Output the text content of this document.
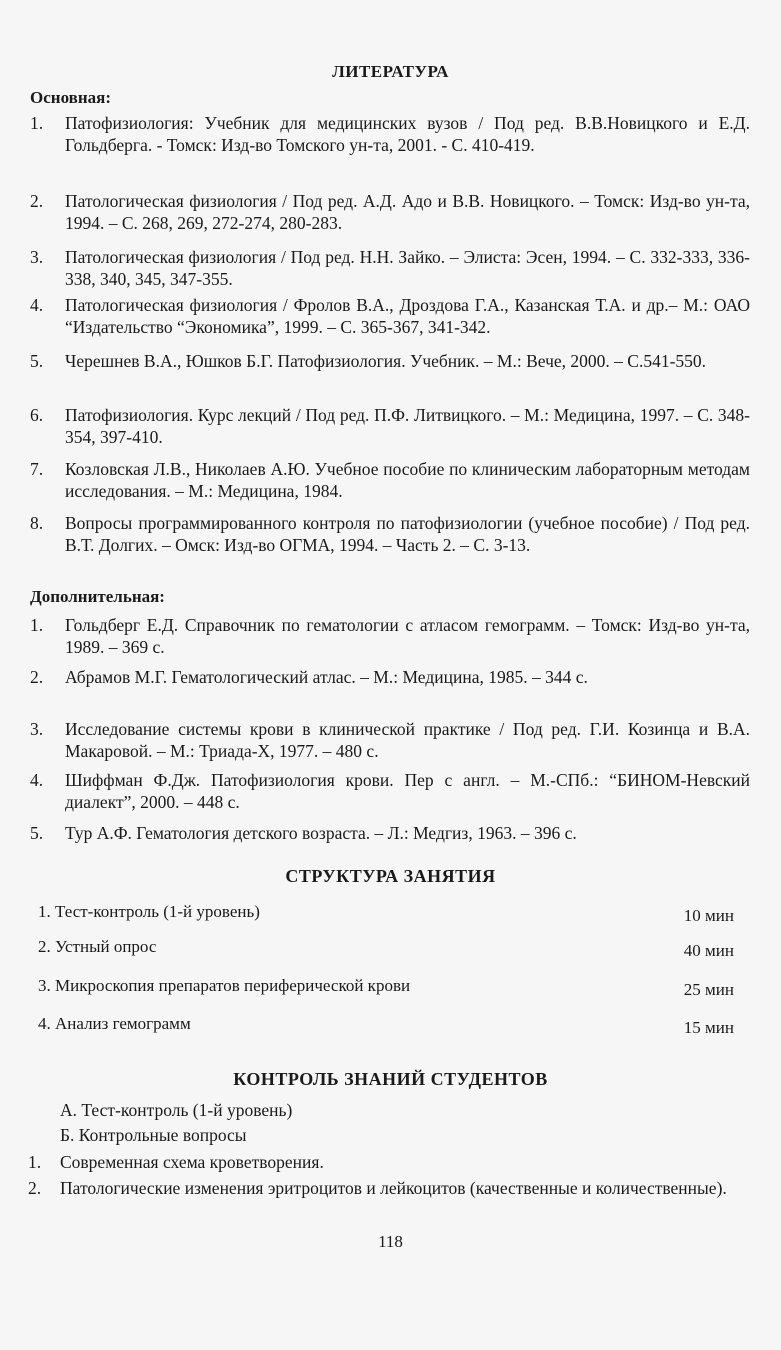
ЛИТЕРАТУРА
Основная:
1.	Патофизиология: Учебник для медицинских вузов / Под ред. В.В.Новицкого и Е.Д. Гольдберга. - Томск: Изд-во Томского ун-та, 2001. - С. 410-419.
2.	Патологическая физиология / Под ред. А.Д. Адо и В.В. Новицкого. – Томск: Изд-во ун-та, 1994. – С. 268, 269, 272-274, 280-283.
3.	Патологическая физиология / Под ред. Н.Н. Зайко. – Элиста: Эсен, 1994. – С. 332-333, 336-338, 340, 345, 347-355.
4.	Патологическая физиология / Фролов В.А., Дроздова Г.А., Казанская Т.А. и др.– М.: ОАО “Издательство “Экономика”, 1999. – С. 365-367, 341-342.
5.	Черешнев В.А., Юшков Б.Г. Патофизиология. Учебник. – М.: Вече, 2000. – С.541-550.
6.	Патофизиология. Курс лекций / Под ред. П.Ф. Литвицкого. – М.: Медицина, 1997. – С. 348-354, 397-410.
7.	Козловская Л.В., Николаев А.Ю. Учебное пособие по клиническим лабораторным методам исследования. – М.: Медицина, 1984.
8.	Вопросы программированного контроля по патофизиологии (учебное пособие) / Под ред. В.Т. Долгих. – Омск: Изд-во ОГМА, 1994. – Часть 2. – С. 3-13.
Дополнительная:
1.	Гольдберг Е.Д. Справочник по гематологии с атласом гемограмм. – Томск: Изд-во ун-та, 1989. – 369 с.
2.	Абрамов М.Г. Гематологический атлас. – М.: Медицина, 1985. – 344 с.
3.	Исследование системы крови в клинической практике / Под ред. Г.И. Козинца и В.А. Макаровой. – М.: Триада-Х, 1977. – 480 с.
4.	Шиффман Ф.Дж. Патофизиология крови. Пер с англ. – М.-СПб.: “БИНОМ-Невский диалект”, 2000. – 448 с.
5.	Тур А.Ф. Гематология детского возраста. – Л.: Медгиз, 1963. – 396 с.
СТРУКТУРА ЗАНЯТИЯ
1. Тест-контроль (1-й уровень)	10 мин
2. Устный опрос	40 мин
3. Микроскопия препаратов периферической крови	25 мин
4. Анализ гемограмм	15 мин
КОНТРОЛЬ ЗНАНИЙ СТУДЕНТОВ
А. Тест-контроль (1-й уровень)
Б. Контрольные вопросы
1.	Современная схема кроветворения.
2.	Патологические изменения эритроцитов и лейкоцитов (качественные и количественные).
118
